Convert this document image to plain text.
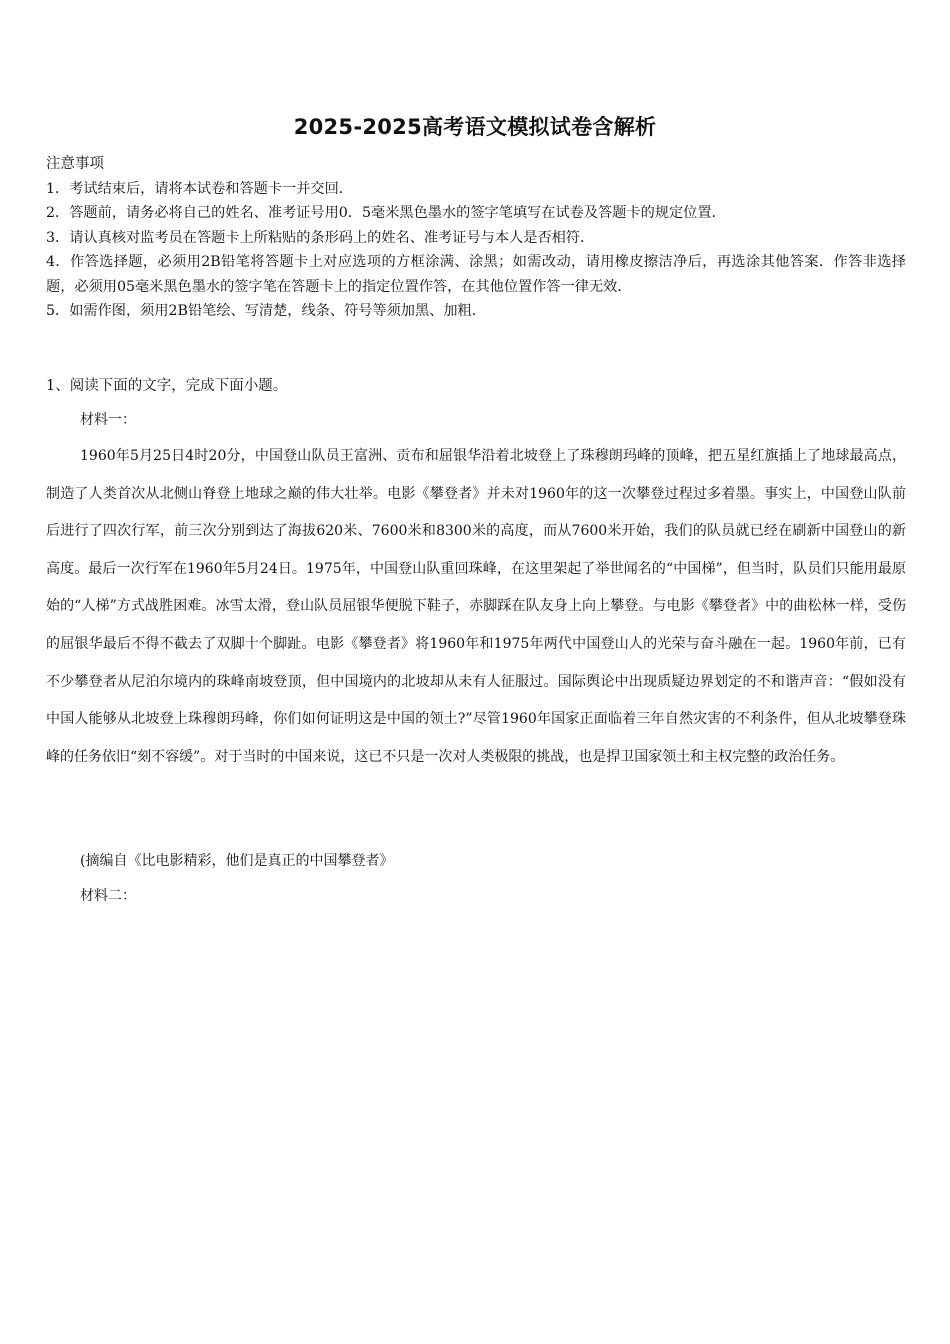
2025-2025高考语文模拟试卷含解析
注意事项
1．考试结束后，请将本试卷和答题卡一并交回．
2．答题前，请务必将自己的姓名、准考证号用0．5毫米黑色墨水的签字笔填写在试卷及答题卡的规定位置．
3．请认真核对监考员在答题卡上所粘贴的条形码上的姓名、准考证号与本人是否相符．
4．作答选择题，必须用2B铅笔将答题卡上对应选项的方框涂满、涂黑；如需改动，请用橡皮擦洁净后，再选涂其他答案．作答非选择题，必须用05毫米黑色墨水的签字笔在答题卡上的指定位置作答，在其他位置作答一律无效．
5．如需作图，须用2B铅笔绘、写清楚，线条、符号等须加黑、加粗．
1、阅读下面的文字，完成下面小题。
材料一：
1960年5月25日4时20分，中国登山队员王富洲、贡布和屈银华沿着北坡登上了珠穆朗玛峰的顶峰，把五星红旗插上了地球最高点，制造了人类首次从北侧山脊登上地球之巅的伟大壮举。电影《攀登者》并未对1960年的这一次攀登过程过多着墨。事实上，中国登山队前后进行了四次行军，前三次分别到达了海拔620米、7600米和8300米的高度，而从7600米开始，我们的队员就已经在刷新中国登山的新高度。最后一次行军在1960年5月24日。1975年，中国登山队重回珠峰，在这里架起了举世闻名的“中国梯”，但当时，队员们只能用最原始的“人梯”方式战胜困难。冰雪太滑，登山队员屈银华便脱下鞋子，赤脚踩在队友身上向上攀登。与电影《攀登者》中的曲松林一样，受伤的屈银华最后不得不截去了双脚十个脚趾。电影《攀登者》将1960年和1975年两代中国登山人的光荣与奋斗融在一起。1960年前，已有不少攀登者从尼泊尔境内的珠峰南坡登顶，但中国境内的北坡却从未有人征服过。国际舆论中出现质疑边界划定的不和谐声音：“假如没有中国人能够从北坡登上珠穆朗玛峰，你们如何证明这是中国的领土?”尽管1960年国家正面临着三年自然灾害的不利条件，但从北坡攀登珠峰的任务依旧“刻不容缓”。对于当时的中国来说，这已不只是一次对人类极限的挑战，也是捍卫国家领土和主权完整的政治任务。
(摘编自《比电影精彩，他们是真正的中国攀登者》
材料二：
